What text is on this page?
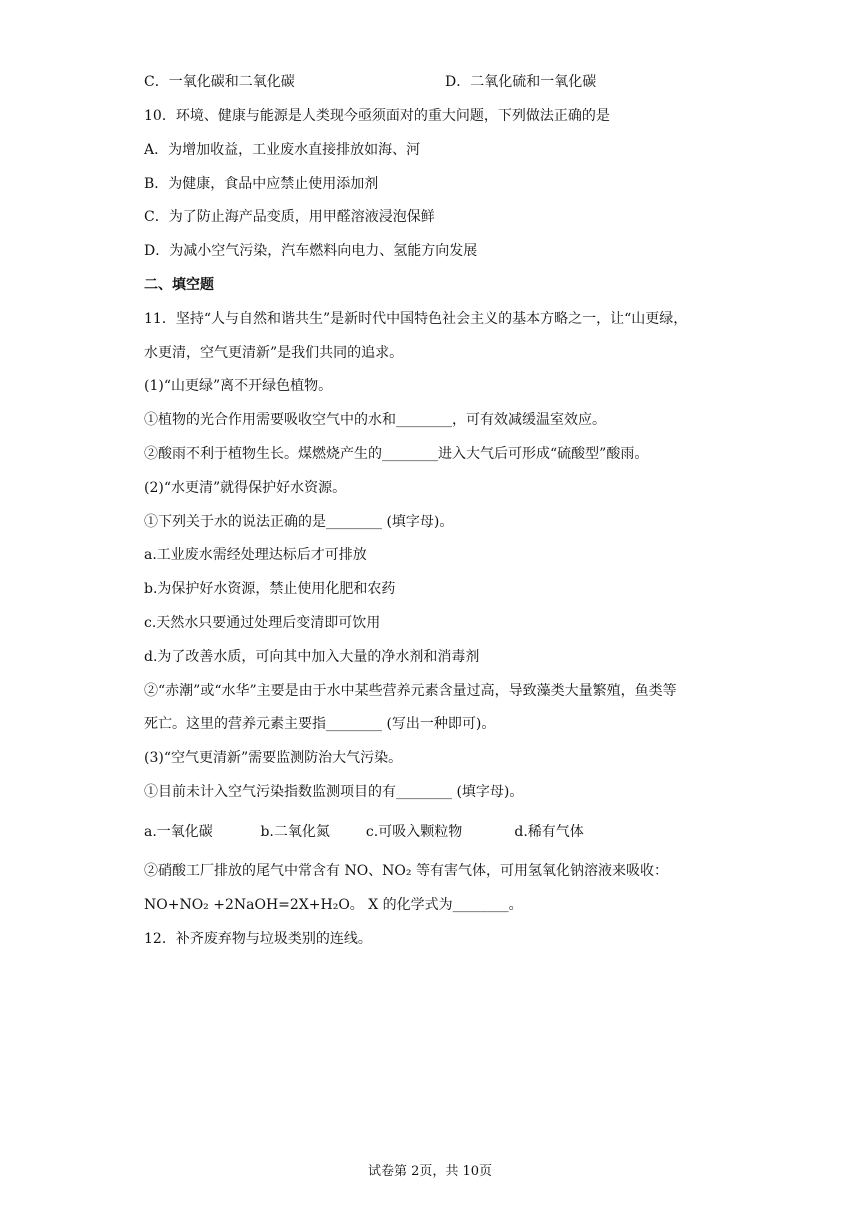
C．一氧化碳和二氧化碳	D．二氧化硫和一氧化碳
10．环境、健康与能源是人类现今亟须面对的重大问题，下列做法正确的是
A．为增加收益，工业废水直接排放如海、河
B．为健康，食品中应禁止使用添加剂
C．为了防止海产品变质，用甲醛溶液浸泡保鲜
D．为减小空气污染，汽车燃料向电力、氢能方向发展
二、填空题
11．坚持“人与自然和谐共生”是新时代中国特色社会主义的基本方略之一，让“山更绿，
水更清，空气更清新”是我们共同的追求。
(1)“山更绿”离不开绿色植物。
①植物的光合作用需要吸收空气中的水和________，可有效减缓温室效应。
②酸雨不利于植物生长。煤燃烧产生的________进入大气后可形成“硫酸型”酸雨。
(2)“水更清”就得保护好水资源。
①下列关于水的说法正确的是________ (填字母)。
a.工业废水需经处理达标后才可排放
b.为保护好水资源，禁止使用化肥和农药
c.天然水只要通过处理后变清即可饮用
d.为了改善水质，可向其中加入大量的净水剂和消毒剂
②“赤潮”或“水华”主要是由于水中某些营养元素含量过高，导致藻类大量繁殖，鱼类等
死亡。这里的营养元素主要指________ (写出一种即可)。
(3)“空气更清新”需要监测防治大气污染。
①目前未计入空气污染指数监测项目的有________ (填字母)。
a.一氧化碳	b.二氧化氮	c.可吸入颗粒物	d.稀有气体
②硝酸工厂排放的尾气中常含有 NO、NO₂ 等有害气体，可用氢氧化钠溶液来吸收：
NO+NO₂ +2NaOH=2X+H₂O。 X 的化学式为________。
12．补齐废弃物与垃圾类别的连线。
试卷第 2页，共 10页
